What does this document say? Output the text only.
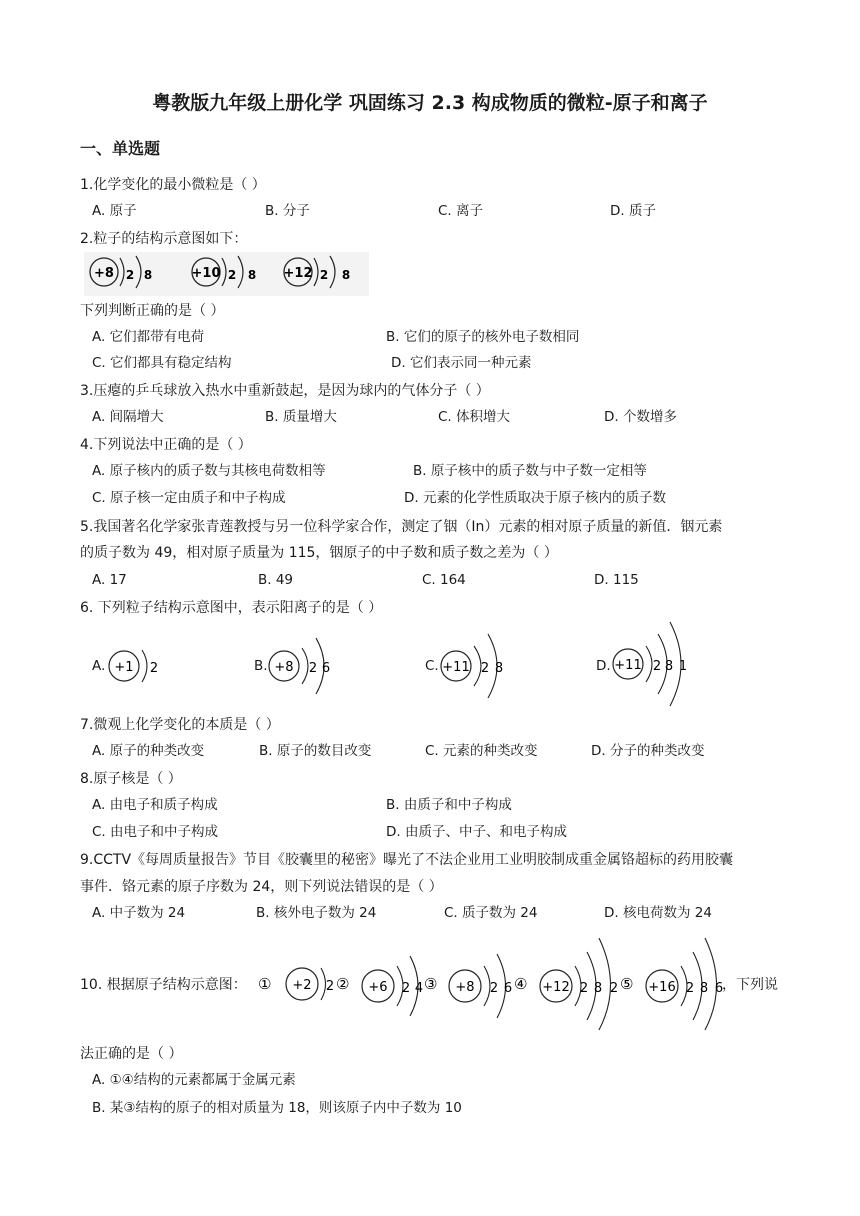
粤教版九年级上册化学 巩固练习 2.3 构成物质的微粒-原子和离子
一、单选题
1.化学变化的最小微粒是（ ）
A. 原子	B. 分子	C. 离子	D. 质子
2.粒子的结构示意图如下：
+8 2 8	+10 2 8 +12 2 8
下列判断正确的是（ ）
A. 它们都带有电荷	B. 它们的原子的核外电子数相同
C. 它们都具有稳定结构	D. 它们表示同一种元素
3.压瘪的乒乓球放入热水中重新鼓起，是因为球内的气体分子（ ）
A. 间隔增大	B. 质量增大	C. 体积增大	D. 个数增多
4.下列说法中正确的是（ ）
A. 原子核内的质子数与其核电荷数相等	B. 原子核中的质子数与中子数一定相等
C. 原子核一定由质子和中子构成	D. 元素的化学性质取决于原子核内的质子数
5.我国著名化学家张青莲教授与另一位科学家合作，测定了铟（In）元素的相对原子质量的新值．铟元素
的质子数为 49，相对原子质量为 115，铟原子的中子数和质子数之差为（ ）
A. 17	B. 49	C. 164	D. 115
6. 下列粒子结构示意图中，表示阳离子的是（ ）
A.	B.	C.	D.
+1 2	+8 2 6	+11 2 8	+11 2 8 1
7.微观上化学变化的本质是（ ）
A. 原子的种类改变	B. 原子的数目改变	C. 元素的种类改变	D. 分子的种类改变
8.原子核是（ ）
A. 由电子和质子构成	B. 由质子和中子构成
C. 由电子和中子构成	D. 由质子、中子、和电子构成
9.CCTV《每周质量报告》节目《胶囊里的秘密》曝光了不法企业用工业明胶制成重金属铬超标的药用胶囊
事件．铬元素的原子序数为 24，则下列说法错误的是（ ）
A. 中子数为 24	B. 核外电子数为 24	C. 质子数为 24	D. 核电荷数为 24
10. 根据原子结构示意图： ① +2 2 ② +6 2 4 ③ +8 2 6 ④ +12 2 8 2 ⑤ +16 2 8 6
，下列说
法正确的是（ ）
A. ①④结构的元素都属于金属元素
B. 某③结构的原子的相对质量为 18，则该原子内中子数为 10
